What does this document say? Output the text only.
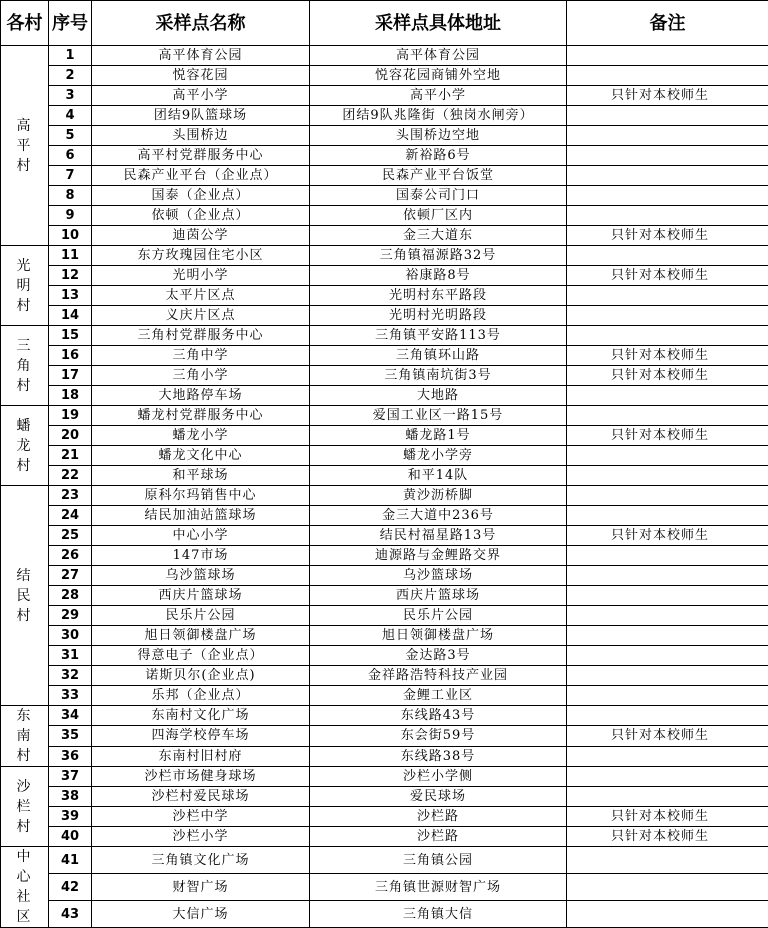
各村	序号	采样点名称	采样点具体地址	备注

高平村	1	高平体育公园	高平体育公园	
	2	悦容花园	悦容花园商铺外空地	
	3	高平小学	高平小学	只针对本校师生
	4	团结9队篮球场	团结9队兆隆街（独岗水闸旁）	
	5	头围桥边	头围桥边空地	
	6	高平村党群服务中心	新裕路6号	
	7	民森产业平台（企业点）	民森产业平台饭堂	
	8	国泰（企业点）	国泰公司门口	
	9	依顿（企业点）	依顿厂区内	
	10	迪茵公学	金三大道东	只针对本校师生

光明村	11	东方玫瑰园住宅小区	三角镇福源路32号	
	12	光明小学	裕康路8号	只针对本校师生
	13	太平片区点	光明村东平路段	
	14	义庆片区点	光明村光明路段	

三角村	15	三角村党群服务中心	三角镇平安路113号	
	16	三角中学	三角镇环山路	只针对本校师生
	17	三角小学	三角镇南坑街3号	只针对本校师生
	18	大地路停车场	大地路	

蟠龙村	19	蟠龙村党群服务中心	爱国工业区一路15号	
	20	蟠龙小学	蟠龙路1号	只针对本校师生
	21	蟠龙文化中心	蟠龙小学旁	
	22	和平球场	和平14队	

结民村	23	原科尔玛销售中心	黄沙沥桥脚	
	24	结民加油站篮球场	金三大道中236号	
	25	中心小学	结民村福星路13号	只针对本校师生
	26	147市场	迪源路与金鲤路交界	
	27	乌沙篮球场	乌沙篮球场	
	28	西庆片篮球场	西庆片篮球场	
	29	民乐片公园	民乐片公园	
	30	旭日领御楼盘广场	旭日领御楼盘广场	
	31	得意电子（企业点）	金达路3号	
	32	诺斯贝尔(企业点)	金祥路浩特科技产业园	
	33	乐邦（企业点）	金鲤工业区	

东南村	34	东南村文化广场	东线路43号	
	35	四海学校停车场	东会街59号	只针对本校师生
	36	东南村旧村府	东线路38号	

沙栏村	37	沙栏市场健身球场	沙栏小学侧	
	38	沙栏村爱民球场	爱民球场	
	39	沙栏中学	沙栏路	只针对本校师生
	40	沙栏小学	沙栏路	只针对本校师生

中心社区	41	三角镇文化广场	三角镇公园	
	42	财智广场	三角镇世源财智广场	
	43	大信广场	三角镇大信	
